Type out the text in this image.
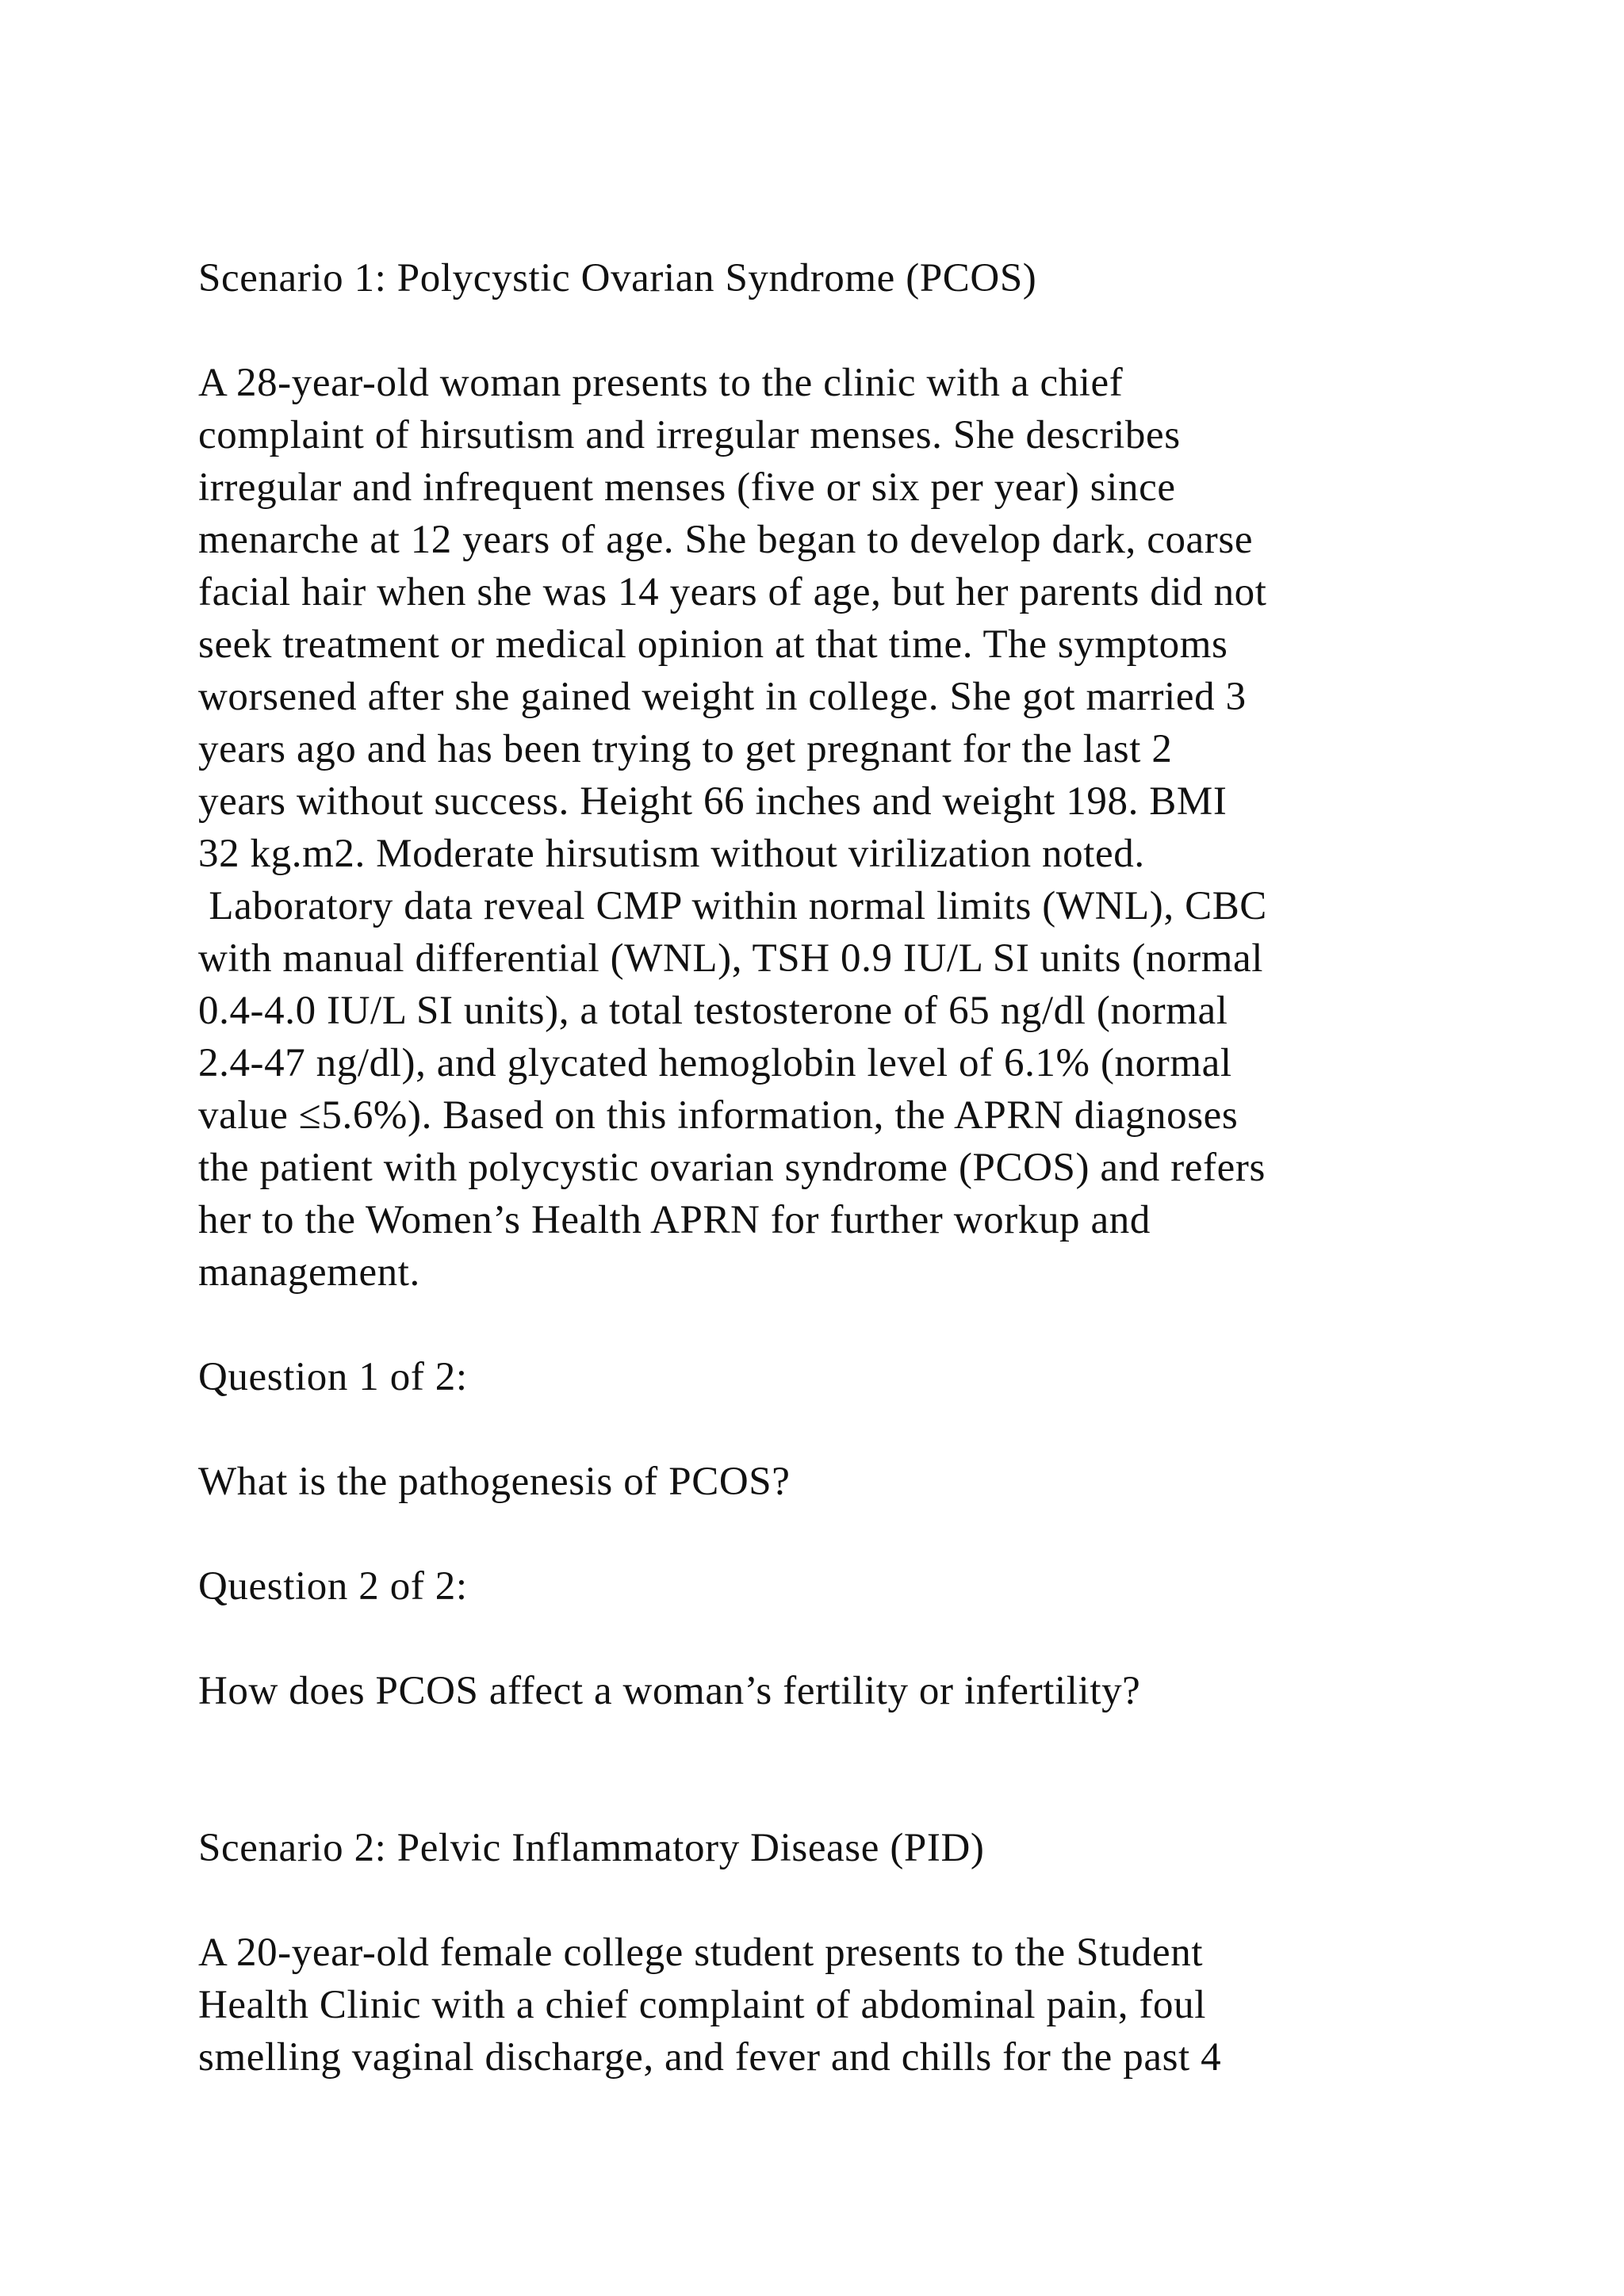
Scenario 1: Polycystic Ovarian Syndrome (PCOS)
A 28-year-old woman presents to the clinic with a chief
complaint of hirsutism and irregular menses. She describes
irregular and infrequent menses (five or six per year) since
menarche at 12 years of age. She began to develop dark, coarse
facial hair when she was 14 years of age, but her parents did not
seek treatment or medical opinion at that time. The symptoms
worsened after she gained weight in college. She got married 3
years ago and has been trying to get pregnant for the last 2
years without success. Height 66 inches and weight 198. BMI
32 kg.m2. Moderate hirsutism without virilization noted.
Laboratory data reveal CMP within normal limits (WNL), CBC
with manual differential (WNL), TSH 0.9 IU/L SI units (normal
0.4-4.0 IU/L SI units), a total testosterone of 65 ng/dl (normal
2.4-47 ng/dl), and glycated hemoglobin level of 6.1% (normal
value ≤5.6%). Based on this information, the APRN diagnoses
the patient with polycystic ovarian syndrome (PCOS) and refers
her to the Women’s Health APRN for further workup and
management.
Question 1 of 2:
What is the pathogenesis of PCOS?
Question 2 of 2:
How does PCOS affect a woman’s fertility or infertility?
Scenario 2: Pelvic Inflammatory Disease (PID)
A 20-year-old female college student presents to the Student
Health Clinic with a chief complaint of abdominal pain, foul
smelling vaginal discharge, and fever and chills for the past 4
